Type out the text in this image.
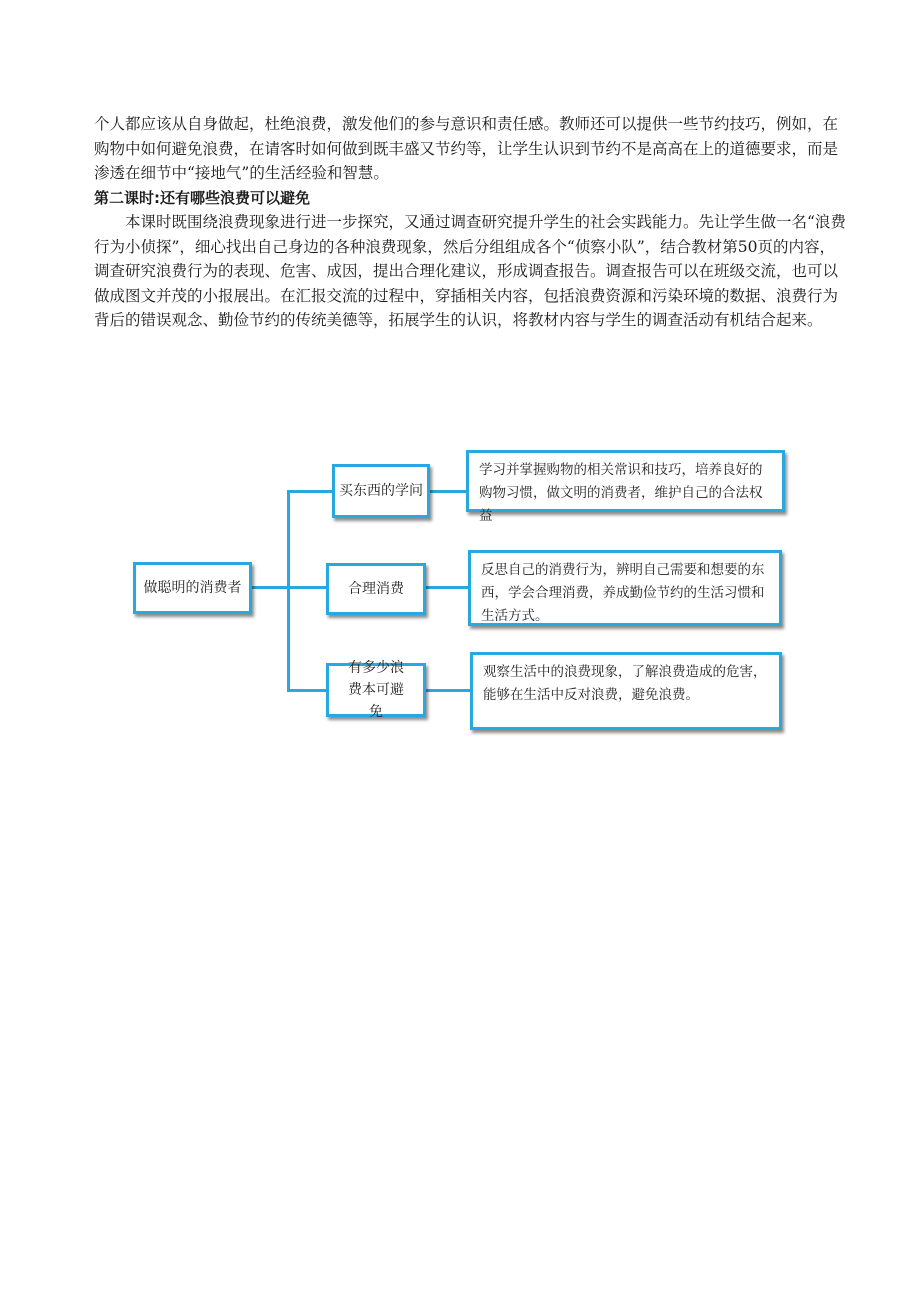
个人都应该从自身做起，杜绝浪费，激发他们的参与意识和责任感。教师还可以提供一些节约技巧，例如，在购物中如何避免浪费，在请客时如何做到既丰盛又节约等，让学生认识到节约不是高高在上的道德要求，而是渗透在细节中“接地气”的生活经验和智慧。

第二课时:还有哪些浪费可以避免

本课时既围绕浪费现象进行进一步探究，又通过调查研究提升学生的社会实践能力。先让学生做一名“浪费行为小侦探”，细心找出自己身边的各种浪费现象，然后分组组成各个“侦察小队”，结合教材第50页的内容，调查研究浪费行为的表现、危害、成因，提出合理化建议，形成调查报告。调查报告可以在班级交流，也可以做成图文并茂的小报展出。在汇报交流的过程中，穿插相关内容，包括浪费资源和污染环境的数据、浪费行为背后的错误观念、勤俭节约的传统美德等，拓展学生的认识，将教材内容与学生的调查活动有机结合起来。

做聪明的消费者
买东西的学问
合理消费
有多少浪费本可避免
学习并掌握购物的相关常识和技巧，培养良好的购物习惯，做文明的消费者，维护自己的合法权益
反思自己的消费行为，辨明自己需要和想要的东西，学会合理消费，养成勤俭节约的生活习惯和生活方式。
观察生活中的浪费现象，了解浪费造成的危害，能够在生活中反对浪费，避免浪费。
